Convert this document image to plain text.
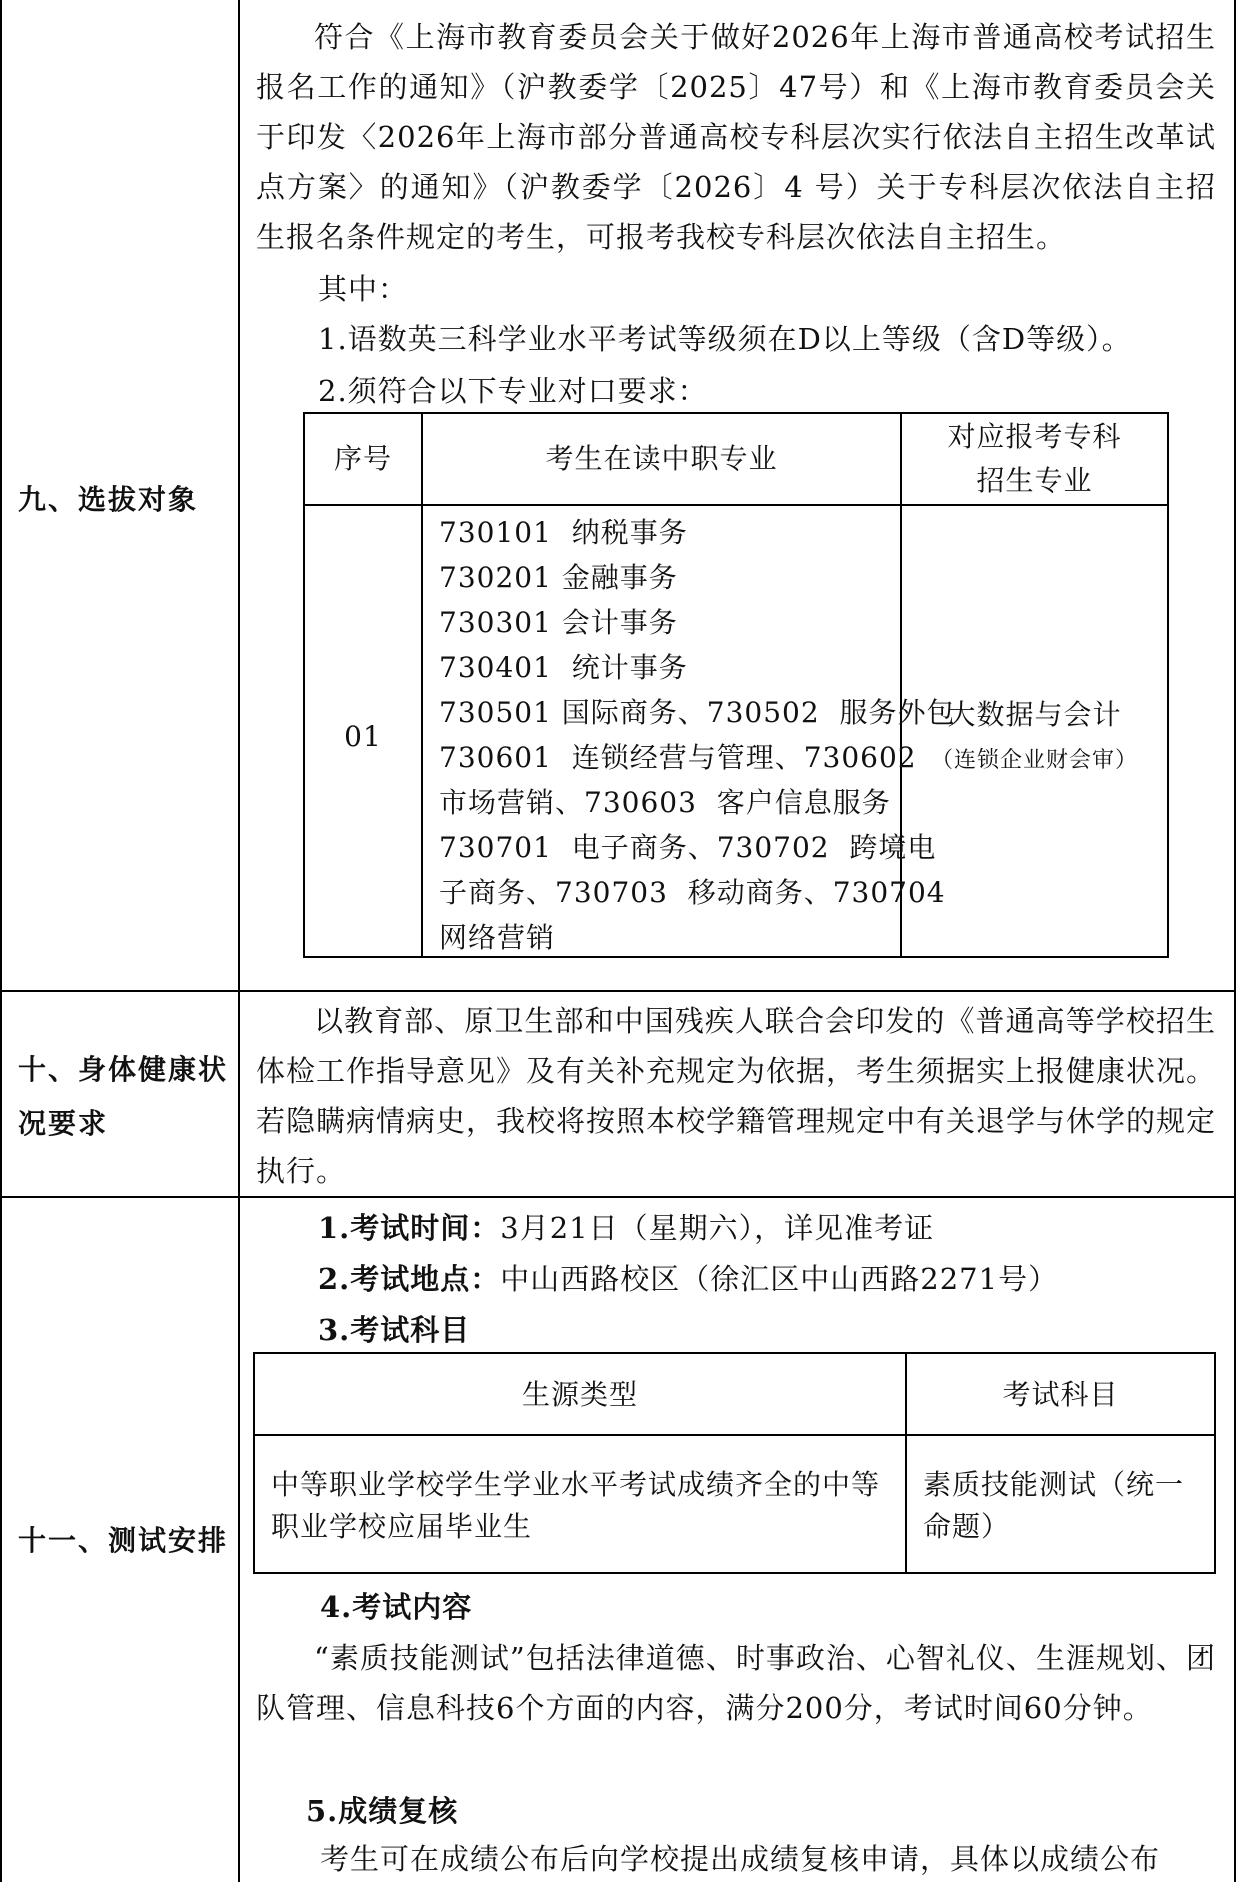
九、选拔对象
符合《上海市教育委员会关于做好2026年上海市普通高校考试招生报名工作的通知》（沪教委学〔2025〕47号）和《上海市教育委员会关于印发〈2026年上海市部分普通高校专科层次实行依法自主招生改革试点方案〉的通知》（沪教委学〔2026〕4 号）关于专科层次依法自主招生报名条件规定的考生，可报考我校专科层次依法自主招生。
其中：
1.语数英三科学业水平考试等级须在D以上等级（含D等级）。
2.须符合以下专业对口要求：
序号	考生在读中职专业
对应报考专科
招生专业
01
730101  纳税事务
730201 金融事务
730301 会计事务
730401  统计事务
730501 国际商务、730502  服务外包
730601  连锁经营与管理、730602
市场营销、730603  客户信息服务
730701  电子商务、730702  跨境电
子商务、730703  移动商务、730704
网络营销
大数据与会计
（连锁企业财会审）
十、身体健康状
况要求
以教育部、原卫生部和中国残疾人联合会印发的《普通高等学校招生体检工作指导意见》及有关补充规定为依据，考生须据实上报健康状况。若隐瞒病情病史，我校将按照本校学籍管理规定中有关退学与休学的规定执行。
十一、测试安排
1.考试时间：3月21日（星期六），详见准考证
2.考试地点：中山西路校区（徐汇区中山西路2271号）
3.考试科目
生源类型	考试科目
中等职业学校学生学业水平考试成绩齐全的中等职业学校应届毕业生
素质技能测试（统一命题）
4.考试内容
“素质技能测试”包括法律道德、时事政治、心智礼仪、生涯规划、团队管理、信息科技6个方面的内容，满分200分，考试时间60分钟。
5.成绩复核
考生可在成绩公布后向学校提出成绩复核申请，具体以成绩公布
